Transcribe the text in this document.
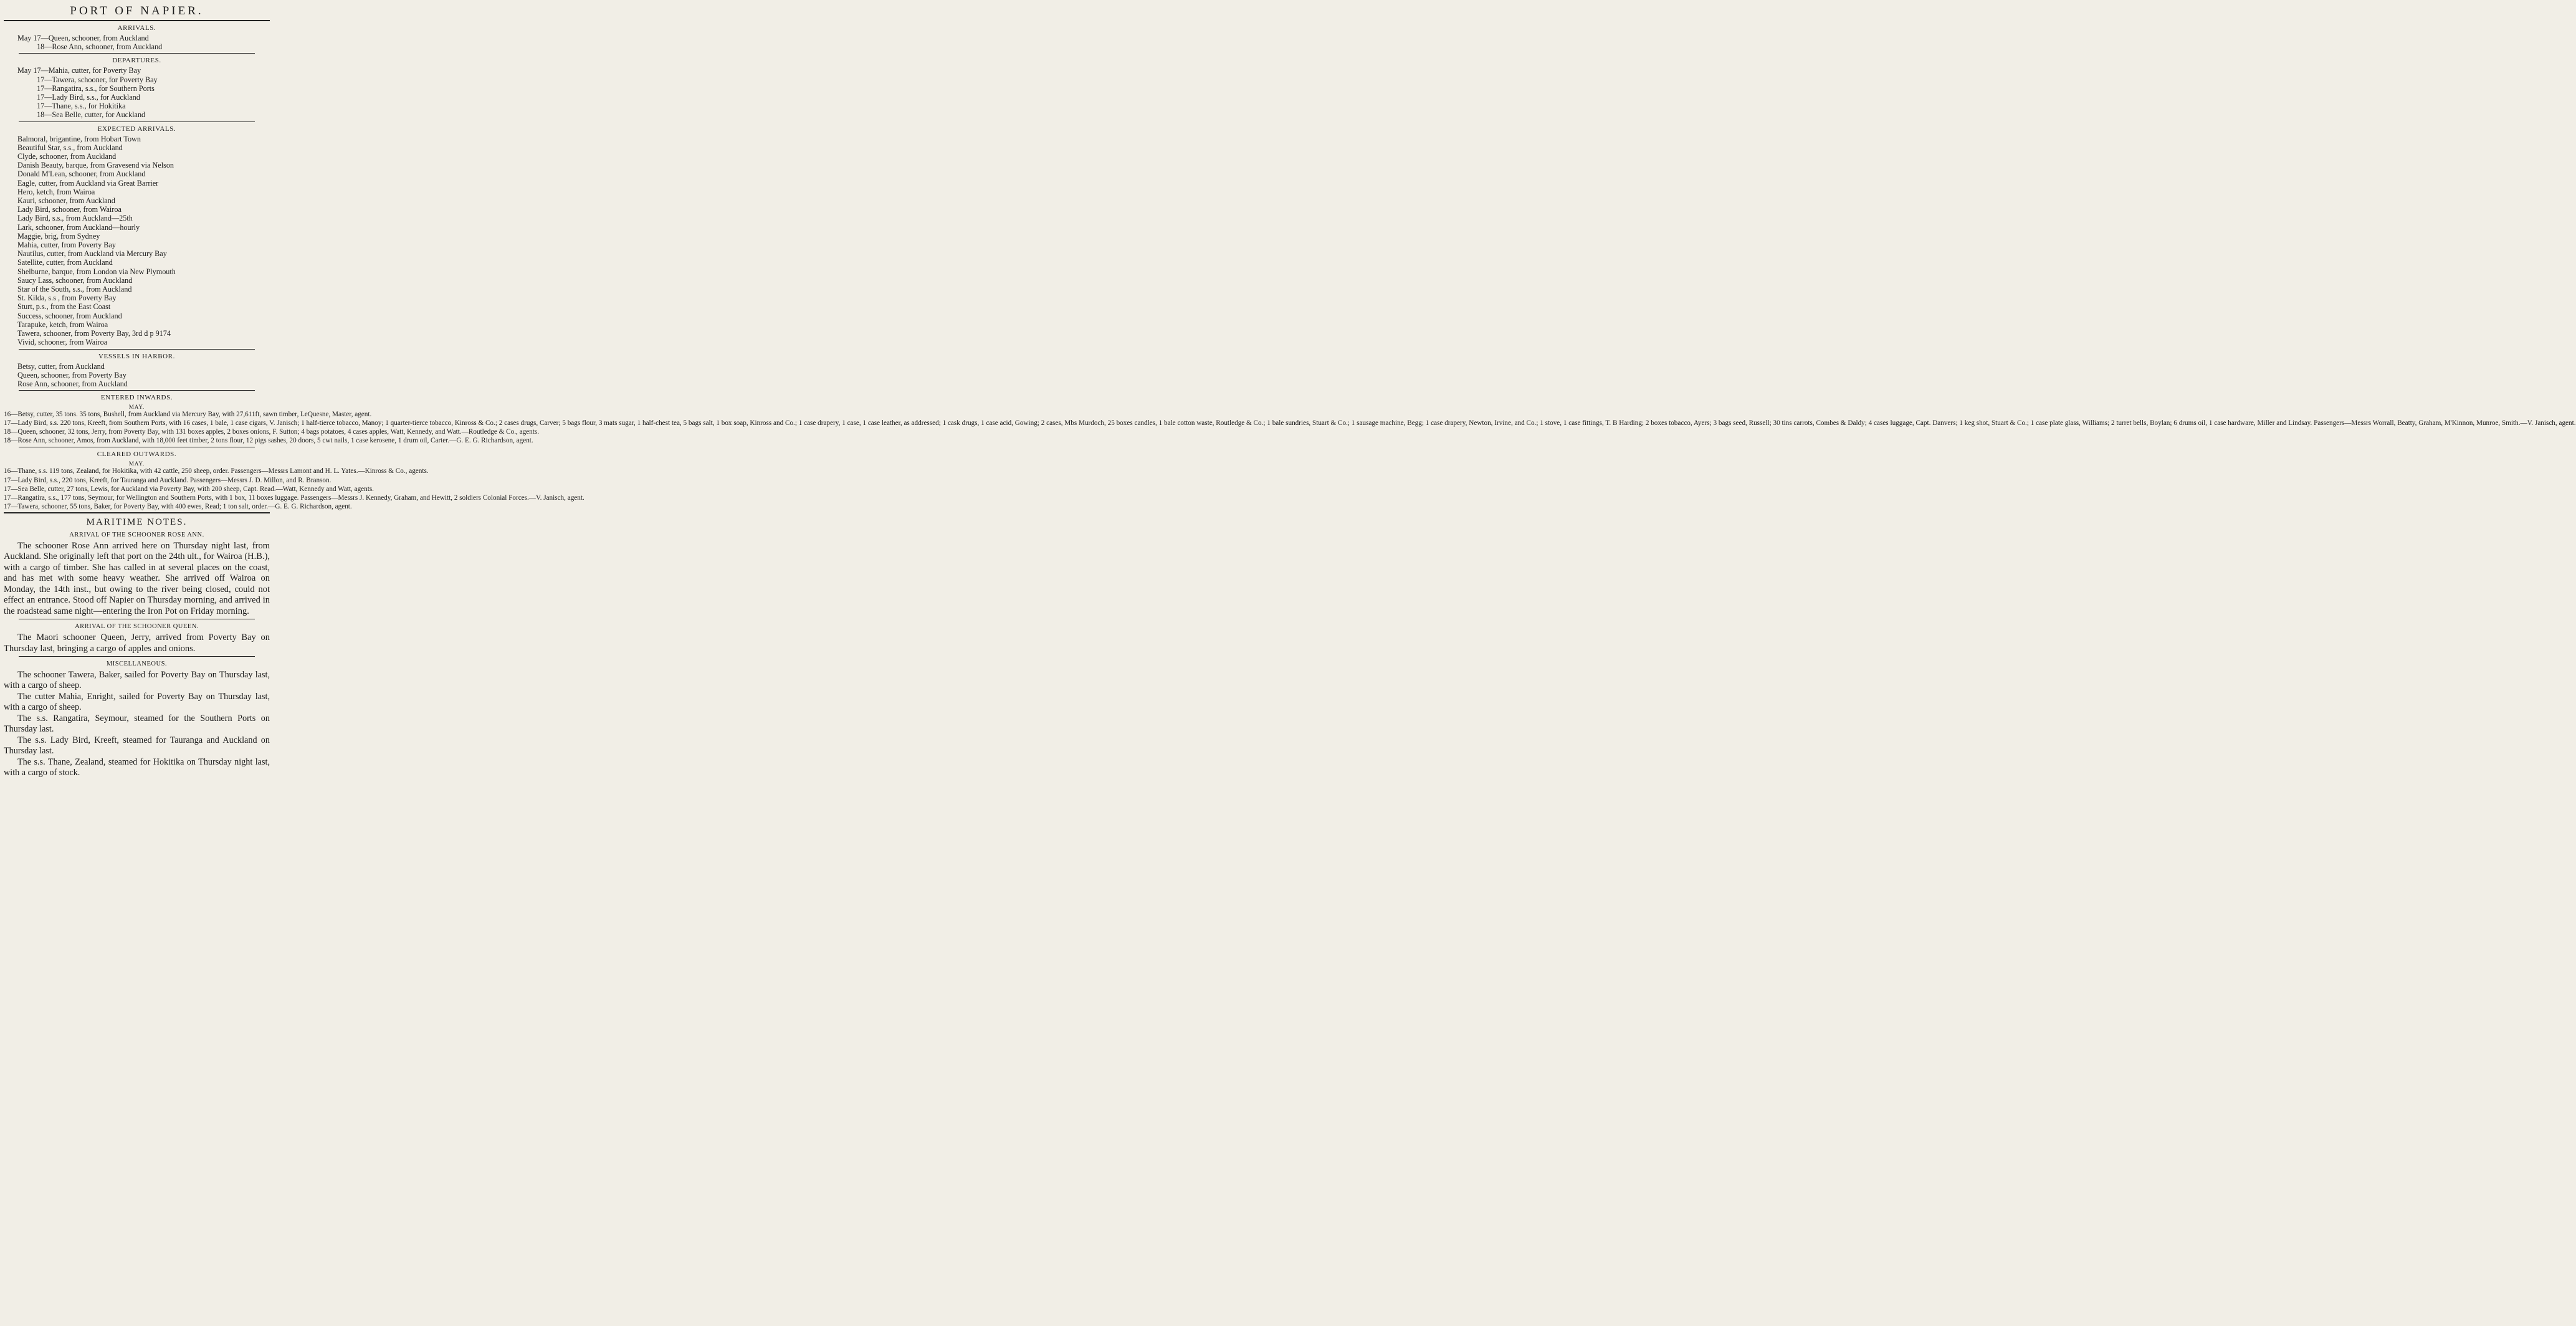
PORT OF NAPIER.
ARRIVALS.
May 17—Queen, schooner, from Auckland
18—Rose Ann, schooner, from Auckland
DEPARTURES.
May 17—Mahia, cutter, for Poverty Bay
17—Tawera, schooner, for Poverty Bay
17—Rangatira, s.s., for Southern Ports
17—Lady Bird, s.s., for Auckland
17—Thane, s.s., for Hokitika
18—Sea Belle, cutter, for Auckland
EXPECTED ARRIVALS.
Balmoral, brigantine, from Hobart Town
Beautiful Star, s.s., from Auckland
Clyde, schooner, from Auckland
Danish Beauty, barque, from Gravesend via Nelson
Donald M'Lean, schooner, from Auckland
Eagle, cutter, from Auckland via Great Barrier
Hero, ketch, from Wairoa
Kauri, schooner, from Auckland
Lady Bird, schooner, from Wairoa
Lady Bird, s.s., from Auckland—25th
Lark, schooner, from Auckland—hourly
Maggie, brig, from Sydney
Mahia, cutter, from Poverty Bay
Nautilus, cutter, from Auckland via Mercury Bay
Satellite, cutter, from Auckland
Shelburne, barque, from London via New Plymouth
Saucy Lass, schooner, from Auckland
Star of the South, s.s., from Auckland
St. Kilda, s.s , from Poverty Bay
Sturt, p.s., from the East Coast
Success, schooner, from Auckland
Tarapuke, ketch, from Wairoa
Tawera, schooner, from Poverty Bay, 3rd d p 9174
Vivid, schooner, from Wairoa
VESSELS IN HARBOR.
Betsy, cutter, from Auckland
Queen, schooner, from Poverty Bay
Rose Ann, schooner, from Auckland
ENTERED INWARDS.
MAY.
16—Betsy, cutter, 35 tons. 35 tons, Bushell, from Auckland via Mercury Bay, with 27,611ft, sawn timber, LeQuesne, Master, agent.
17—Lady Bird, s.s. 220 tons, Kreeft, from Southern Ports, with 16 cases, 1 bale, 1 case cigars, V. Janisch; 1 half-tierce tobacco, Manoy; 1 quarter-tierce tobacco, Kinross & Co.; 2 cases drugs, Carver; 5 bags flour, 3 mats sugar, 1 half-chest tea, 5 bags salt, 1 box soap, Kinross and Co.; 1 case drapery, 1 case, 1 case leather, as addressed; 1 cask drugs, 1 case acid, Gowing; 2 cases, Mbs Murdoch, 25 boxes candles, 1 bale cotton waste, Routledge & Co.; 1 bale sundries, Stuart & Co.; 1 sausage machine, Begg; 1 case drapery, Newton, Irvine, and Co.; 1 stove, 1 case fittings, T. B Harding; 2 boxes tobacco, Ayers; 3 bags seed, Russell; 30 tins carrots, Combes & Daldy; 4 cases luggage, Capt. Danvers; 1 keg shot, Stuart & Co.; 1 case plate glass, Williams; 2 turret bells, Boylan; 6 drums oil, 1 case hardware, Miller and Lindsay. Passengers—Messrs Worrall, Beatty, Graham, M'Kinnon, Munroe, Smith.—V. Janisch, agent.
18—Queen, schooner, 32 tons, Jerry, from Poverty Bay, with 131 boxes apples, 2 boxes onions, F. Sutton; 4 bags potatoes, 4 cases apples, Watt, Kennedy, and Watt.—Routledge & Co., agents.
18—Rose Ann, schooner, Amos, from Auckland, with 18,000 feet timber, 2 tons flour, 12 pigs sashes, 20 doors, 5 cwt nails, 1 case kerosene, 1 drum oil, Carter.—G. E. G. Richardson, agent.
CLEARED OUTWARDS.
MAY.
16—Thane, s.s. 119 tons, Zealand, for Hokitika, with 42 cattle, 250 sheep, order. Passengers—Messrs Lamont and H. L. Yates.—Kinross & Co., agents.
17—Lady Bird, s.s., 220 tons, Kreeft, for Tauranga and Auckland. Passengers—Messrs J. D. Millon, and R. Branson.
17—Sea Belle, cutter, 27 tons, Lewis, for Auckland via Poverty Bay, with 200 sheep, Capt. Read.—Watt, Kennedy and Watt, agents.
17—Rangatira, s.s., 177 tons, Seymour, for Wellington and Southern Ports, with 1 box, 11 boxes luggage. Passengers—Messrs J. Kennedy, Graham, and Hewitt, 2 soldiers Colonial Forces.—V. Janisch, agent.
17—Tawera, schooner, 55 tons, Baker, for Poverty Bay, with 400 ewes, Read; 1 ton salt, order.—G. E. G. Richardson, agent.
MARITIME NOTES.
ARRIVAL OF THE SCHOONER ROSE ANN.

The schooner Rose Ann arrived here on Thursday night last, from Auckland. She originally left that port on the 24th ult., for Wairoa (H.B.), with a cargo of timber. She has called in at several places on the coast, and has met with some heavy weather. She arrived off Wairoa on Monday, the 14th inst., but owing to the river being closed, could not effect an entrance. Stood off Napier on Thursday morning, and arrived in the roadstead same night—entering the Iron Pot on Friday morning.

ARRIVAL OF THE SCHOONER QUEEN.

The Maori schooner Queen, Jerry, arrived from Poverty Bay on Thursday last, bringing a cargo of apples and onions.

MISCELLANEOUS.

The schooner Tawera, Baker, sailed for Poverty Bay on Thursday last, with a cargo of sheep.

The cutter Mahia, Enright, sailed for Poverty Bay on Thursday last, with a cargo of sheep.

The s.s. Rangatira, Seymour, steamed for the Southern Ports on Thursday last.

The s.s. Lady Bird, Kreeft, steamed for Tauranga and Auckland on Thursday last.

The s.s. Thane, Zealand, steamed for Hokitika on Thursday night last, with a cargo of stock.
